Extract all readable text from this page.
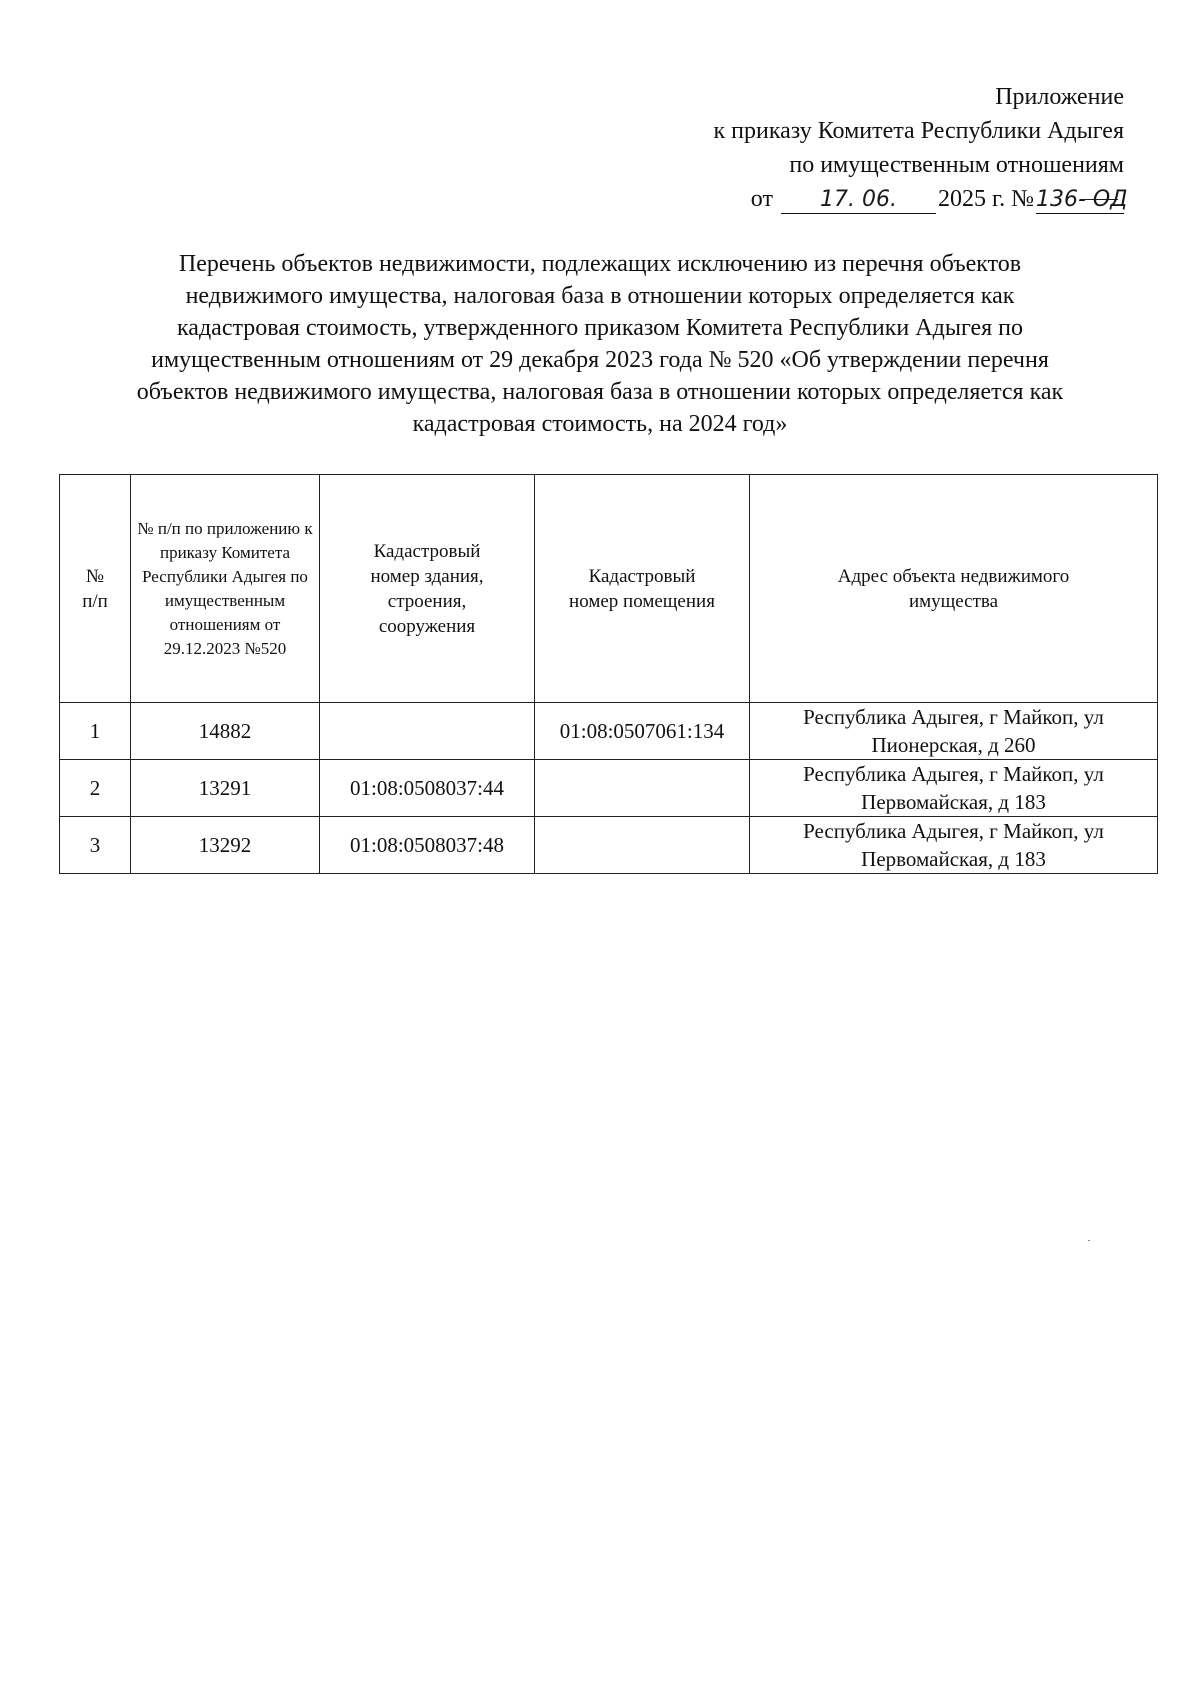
Приложение
к приказу Комитета Республики Адыгея
по имущественным отношениям
от 17. 06. 2025 г. №136- ОД
Перечень объектов недвижимости, подлежащих исключению из перечня объектов
недвижимого имущества, налоговая база в отношении которых определяется как
кадастровая стоимость, утвержденного приказом Комитета Республики Адыгея по
имущественным отношениям от 29 декабря 2023 года № 520 «Об утверждении перечня
объектов недвижимого имущества, налоговая база в отношении которых определяется как
кадастровая стоимость, на 2024 год»
№ п/п	№ п/п по приложению к приказу Комитета Республики Адыгея по имущественным отношениям от 29.12.2023 №520	Кадастровый номер здания, строения, сооружения	Кадастровый номер помещения	Адрес объекта недвижимого имущества

1	14882		01:08:0507061:134	Республика Адыгея, г Майкоп, ул Пионерская, д 260
2	13291	01:08:0508037:44		Республика Адыгея, г Майкоп, ул Первомайская, д 183
3	13292	01:08:0508037:48		Республика Адыгея, г Майкоп, ул Первомайская, д 183
